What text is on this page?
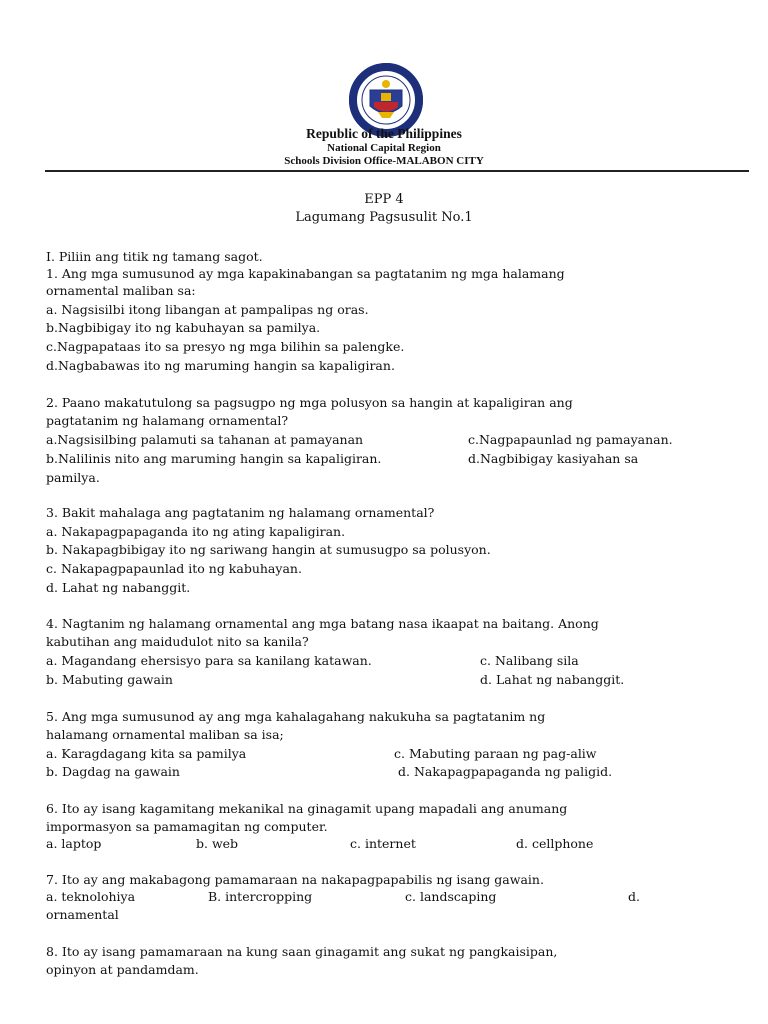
Republic of the Philippines
National Capital Region
Schools Division Office-MALABON CITY
EPP 4
Lagumang Pagsusulit No.1
I. Piliin ang titik ng tamang sagot.
1. Ang mga sumusunod ay mga kapakinabangan sa pagtatanim ng mga halamang
ornamental maliban sa:
a. Nagsisilbi itong libangan at pampalipas ng oras.
b.Nagbibigay ito ng kabuhayan sa pamilya.
c.Nagpapataas ito sa presyo ng mga bilihin sa palengke.
d.Nagbabawas ito ng maruming hangin sa kapaligiran.
2. Paano makatutulong sa pagsugpo ng mga polusyon sa hangin at kapaligiran ang
pagtatanim ng halamang ornamental?
a.Nagsisilbing palamuti sa tahanan at pamayanan	c.Nagpapaunlad ng pamayanan.
b.Nalilinis nito ang maruming hangin sa kapaligiran.	d.Nagbibigay kasiyahan sa
pamilya.
3. Bakit mahalaga ang pagtatanim ng halamang ornamental?
a. Nakapagpapaganda ito ng ating kapaligiran.
b. Nakapagbibigay ito ng sariwang hangin at sumusugpo sa polusyon.
c. Nakapagpapaunlad ito ng kabuhayan.
d. Lahat ng nabanggit.
4. Nagtanim ng halamang ornamental ang mga batang nasa ikaapat na baitang. Anong
kabutihan ang maidudulot nito sa kanila?
a. Magandang ehersisyo para sa kanilang katawan.	c. Nalibang sila
b. Mabuting gawain	d. Lahat ng nabanggit.
5. Ang mga sumusunod ay ang mga kahalagahang nakukuha sa pagtatanim ng
halamang ornamental maliban sa isa;
a. Karagdagang kita sa pamilya	c. Mabuting paraan ng pag-aliw
b. Dagdag na gawain	d. Nakapagpapaganda ng paligid.
6. Ito ay isang kagamitang mekanikal na ginagamit upang mapadali ang anumang
impormasyon sa pamamagitan ng computer.
a. laptop	b. web	c. internet	d. cellphone
7. Ito ay ang makabagong pamamaraan na nakapagpapabilis ng isang gawain.
a. teknolohiya	B. intercropping	c. landscaping	d.
ornamental
8. Ito ay isang pamamaraan na kung saan ginagamit ang sukat ng pangkaisipan,
opinyon at pandamdam.
